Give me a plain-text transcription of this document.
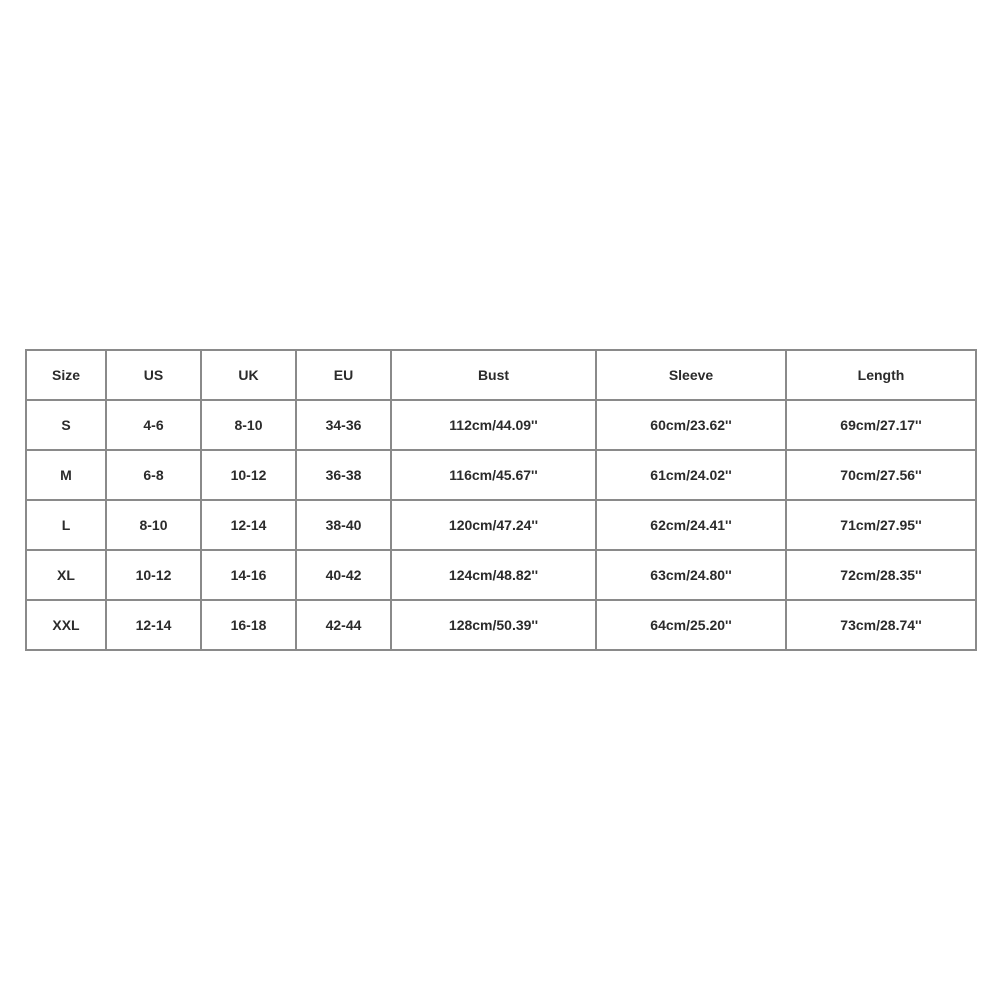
Size	US	UK	EU	Bust	Sleeve	Length
S	4-6	8-10	34-36	112cm/44.09''	60cm/23.62''	69cm/27.17''
M	6-8	10-12	36-38	116cm/45.67''	61cm/24.02''	70cm/27.56''
L	8-10	12-14	38-40	120cm/47.24''	62cm/24.41''	71cm/27.95''
XL	10-12	14-16	40-42	124cm/48.82''	63cm/24.80''	72cm/28.35''
XXL	12-14	16-18	42-44	128cm/50.39''	64cm/25.20''	73cm/28.74''
